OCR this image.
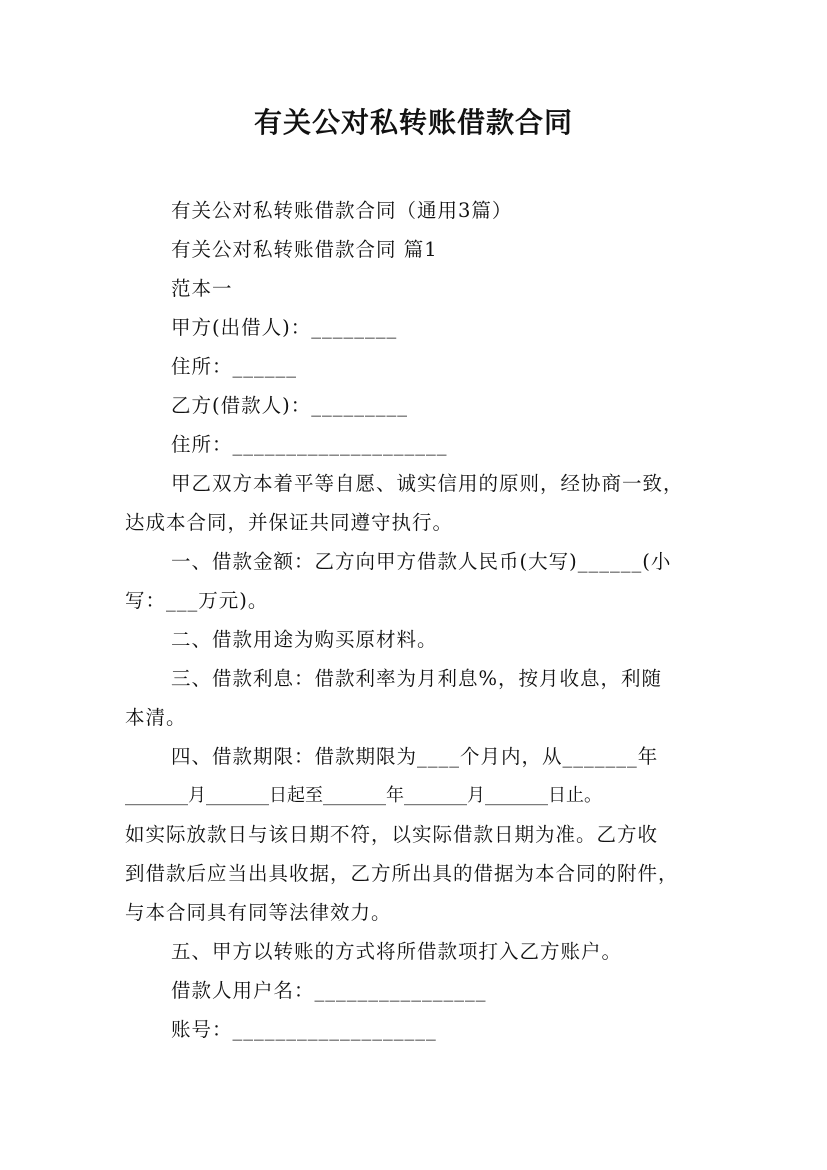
有关公对私转账借款合同
有关公对私转账借款合同（通用3篇）
有关公对私转账借款合同 篇1
范本一
甲方(出借人)：________
住所：______
乙方(借款人)：_________
住所：____________________
甲乙双方本着平等自愿、诚实信用的原则，经协商一致，
达成本合同，并保证共同遵守执行。
一、借款金额：乙方向甲方借款人民币(大写)______(小
写：___万元)。
二、借款用途为购买原材料。
三、借款利息：借款利率为月利息%，按月收息，利随
本清。
四、借款期限：借款期限为____个月内，从_______年
_______月_______日起至_______年_______月_______日止。
如实际放款日与该日期不符，以实际借款日期为准。乙方收
到借款后应当出具收据，乙方所出具的借据为本合同的附件，
与本合同具有同等法律效力。
五、甲方以转账的方式将所借款项打入乙方账户。
借款人用户名：________________
账号：___________________
